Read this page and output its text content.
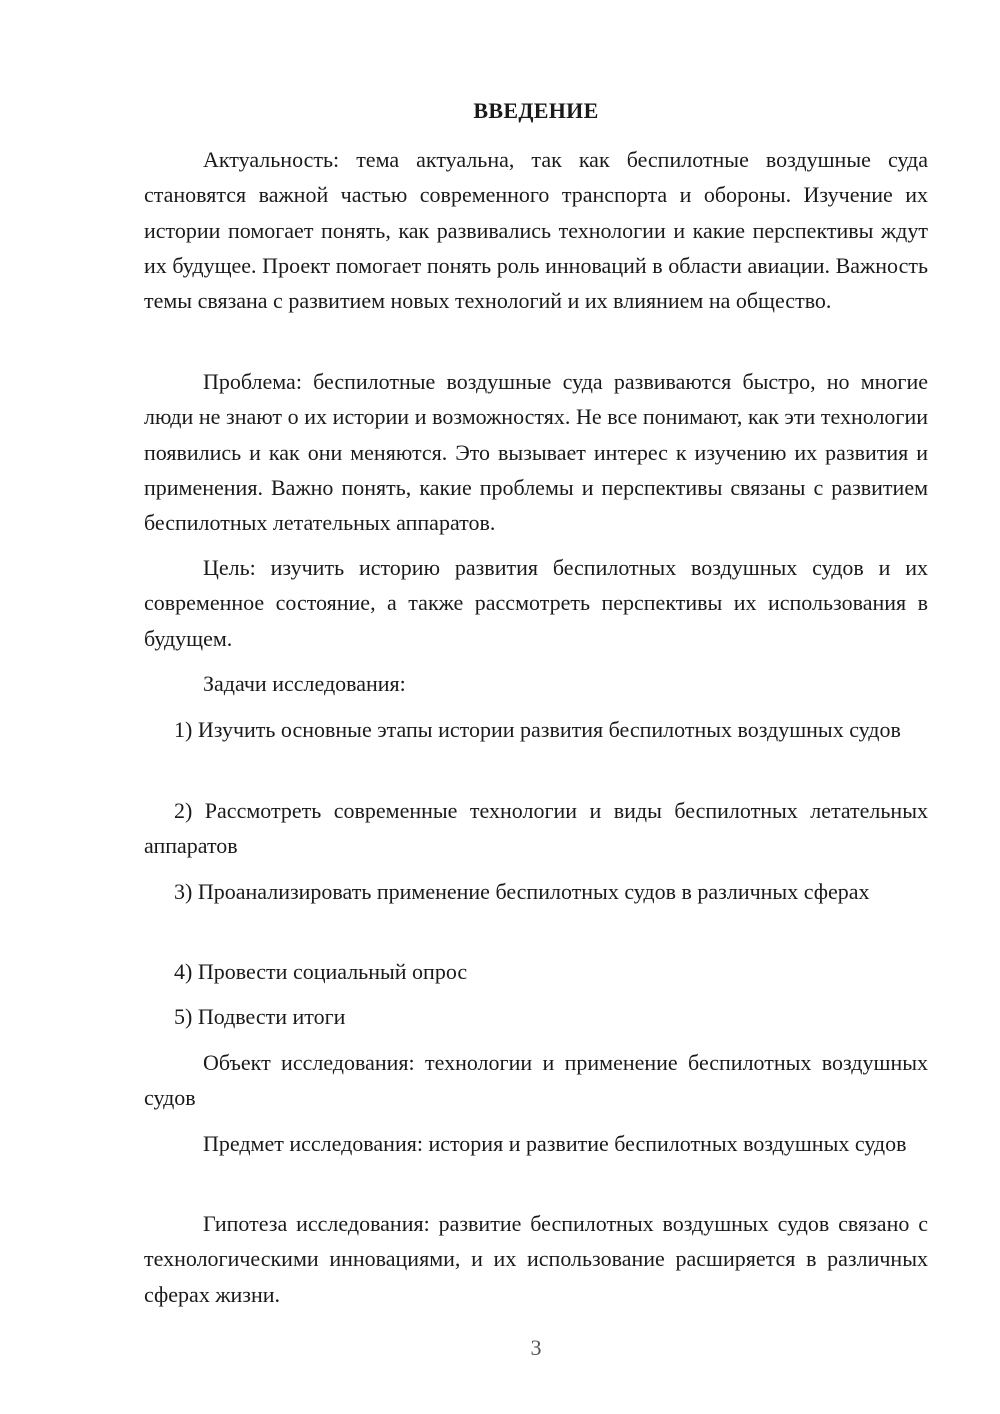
ВВЕДЕНИЕ

Актуальность: тема актуальна, так как беспилотные воздушные суда становятся важной частью современного транспорта и обороны. Изучение их истории помогает понять, как развивались технологии и какие перспективы ждут их будущее. Проект помогает понять роль инноваций в области авиации. Важность темы связана с развитием новых технологий и их влиянием на общество.

Проблема: беспилотные воздушные суда развиваются быстро, но многие люди не знают о их истории и возможностях. Не все понимают, как эти технологии появились и как они меняются. Это вызывает интерес к изучению их развития и применения. Важно понять, какие проблемы и перспективы связаны с развитием беспилотных летательных аппаратов.

Цель: изучить историю развития беспилотных воздушных судов и их современное состояние, а также рассмотреть перспективы их использования в будущем.

Задачи исследования:

1) Изучить основные этапы истории развития беспилотных воздушных судов

2) Рассмотреть современные технологии и виды беспилотных летательных аппаратов

3) Проанализировать применение беспилотных судов в различных сферах

4) Провести социальный опрос

5) Подвести итоги

Объект исследования: технологии и применение беспилотных воздушных судов

Предмет исследования: история и развитие беспилотных воздушных судов

Гипотеза исследования: развитие беспилотных воздушных судов связано с технологическими инновациями, и их использование расширяется в различных сферах жизни.

3
